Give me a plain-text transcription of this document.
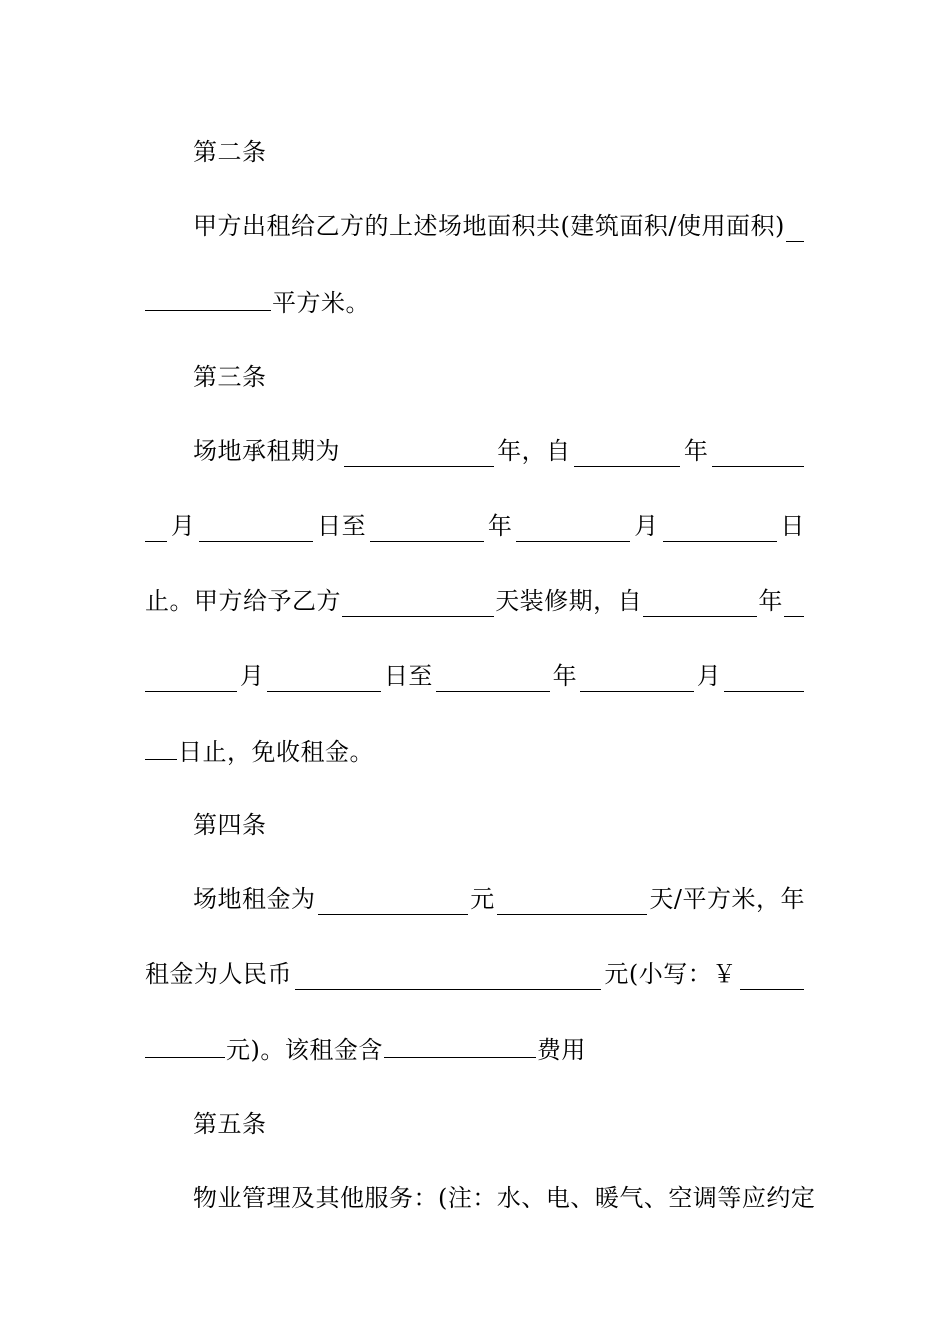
第二条
甲方出租给乙方的上述场地面积共(建筑面积/使用面积)
平方米。
第三条
场地承租期为	年，自	年
月	日至	年	月	日
止。甲方给予乙方	天装修期，自	年
月	日至	年	月
日止，免收租金。
第四条
场地租金为	元	天/平方米，年
租金为人民币	元(小写：￥
元)。该租金含	费用
第五条
物业管理及其他服务：(注：水、电、暖气、空调等应约定
